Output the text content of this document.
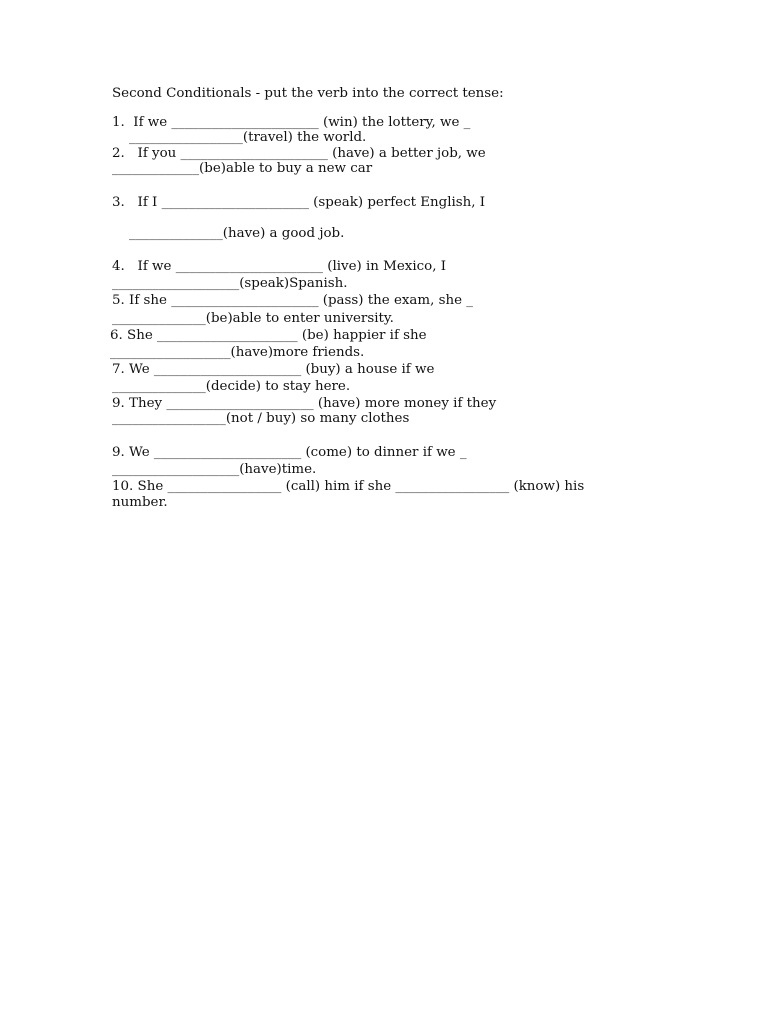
Second Conditionals - put the verb into the correct tense:
1.  If we ______________________ (win) the lottery, we _
_________________(travel) the world.
2.   If you ______________________ (have) a better job, we
_____________(be)able to buy a new car
3.   If I ______________________ (speak) perfect English, I
______________(have) a good job.
4.   If we ______________________ (live) in Mexico, I
___________________(speak)Spanish.
5. If she ______________________ (pass) the exam, she _
______________(be)able to enter university.
6. She _____________________ (be) happier if she
__________________(have)more friends.
7. We ______________________ (buy) a house if we
______________(decide) to stay here.
9. They ______________________ (have) more money if they
_________________(not / buy) so many clothes
9. We ______________________ (come) to dinner if we _
___________________(have)time.
10. She _________________ (call) him if she _________________ (know) his
number.
